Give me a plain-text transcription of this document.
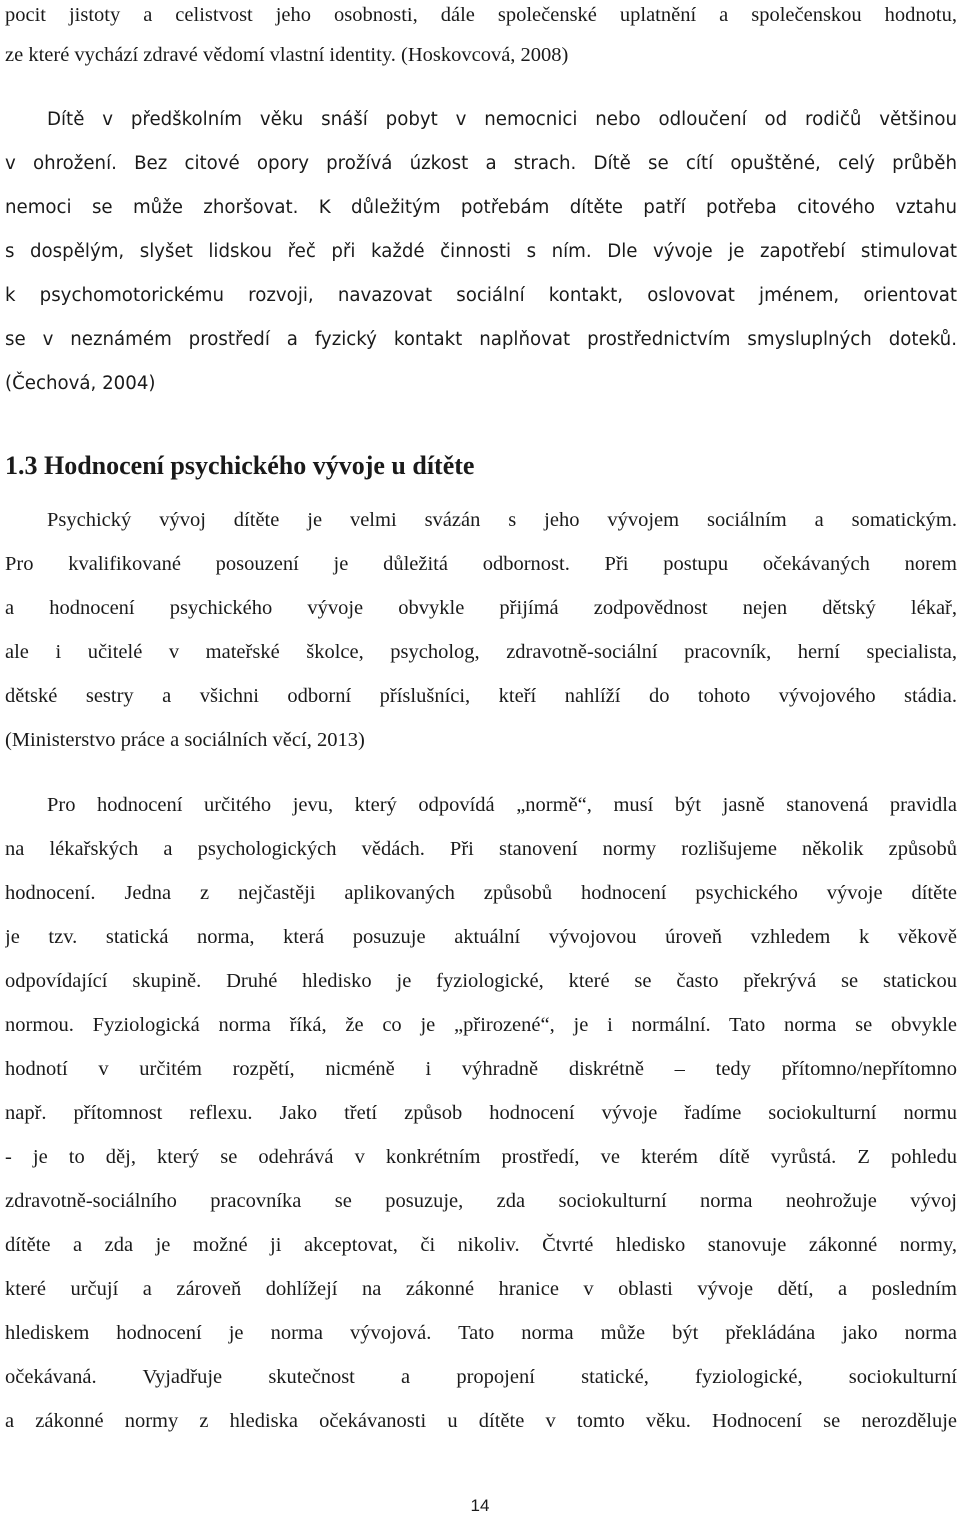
pocit jistoty a celistvost jeho osobnosti, dále společenské uplatnění a společenskou hodnotu,
ze které vychází zdravé vědomí vlastní identity. (Hoskovcová, 2008)
Dítě v předškolním věku snáší pobyt v nemocnici nebo odloučení od rodičů většinou
v ohrožení. Bez citové opory prožívá úzkost a strach. Dítě se cítí opuštěné, celý průběh
nemoci se může zhoršovat. K důležitým potřebám dítěte patří potřeba citového vztahu
s dospělým, slyšet lidskou řeč při každé činnosti s ním. Dle vývoje je zapotřebí stimulovat
k psychomotorickému rozvoji, navazovat sociální kontakt, oslovovat jménem, orientovat
se v neznámém prostředí a fyzický kontakt naplňovat prostřednictvím smysluplných doteků.
(Čechová, 2004)
1.3 Hodnocení psychického vývoje u dítěte
Psychický vývoj dítěte je velmi svázán s jeho vývojem sociálním a somatickým.
Pro kvalifikované posouzení je důležitá odbornost. Při postupu očekávaných norem
a hodnocení psychického vývoje obvykle přijímá zodpovědnost nejen dětský lékař,
ale i učitelé v mateřské školce, psycholog, zdravotně-sociální pracovník, herní specialista,
dětské sestry a všichni odborní příslušníci, kteří nahlíží do tohoto vývojového stádia.
(Ministerstvo práce a sociálních věcí, 2013)
Pro hodnocení určitého jevu, který odpovídá „normě“, musí být jasně stanovená pravidla
na lékařských a psychologických vědách. Při stanovení normy rozlišujeme několik způsobů
hodnocení. Jedna z nejčastěji aplikovaných způsobů hodnocení psychického vývoje dítěte
je tzv. statická norma, která posuzuje aktuální vývojovou úroveň vzhledem k věkově
odpovídající skupině. Druhé hledisko je fyziologické, které se často překrývá se statickou
normou. Fyziologická norma říká, že co je „přirozené“, je i normální. Tato norma se obvykle
hodnotí v určitém rozpětí, nicméně i výhradně diskrétně – tedy přítomno/nepřítomno
např. přítomnost reflexu. Jako třetí způsob hodnocení vývoje řadíme sociokulturní normu
- je to děj, který se odehrává v konkrétním prostředí, ve kterém dítě vyrůstá. Z pohledu
zdravotně-sociálního pracovníka se posuzuje, zda sociokulturní norma neohrožuje vývoj
dítěte a zda je možné ji akceptovat, či nikoliv. Čtvrté hledisko stanovuje zákonné normy,
které určují a zároveň dohlížejí na zákonné hranice v oblasti vývoje dětí, a posledním
hlediskem hodnocení je norma vývojová. Tato norma může být překládána jako norma
očekávaná. Vyjadřuje skutečnost a propojení statické, fyziologické, sociokulturní
a zákonné normy z hlediska očekávanosti u dítěte v tomto věku. Hodnocení se nerozděluje
14
